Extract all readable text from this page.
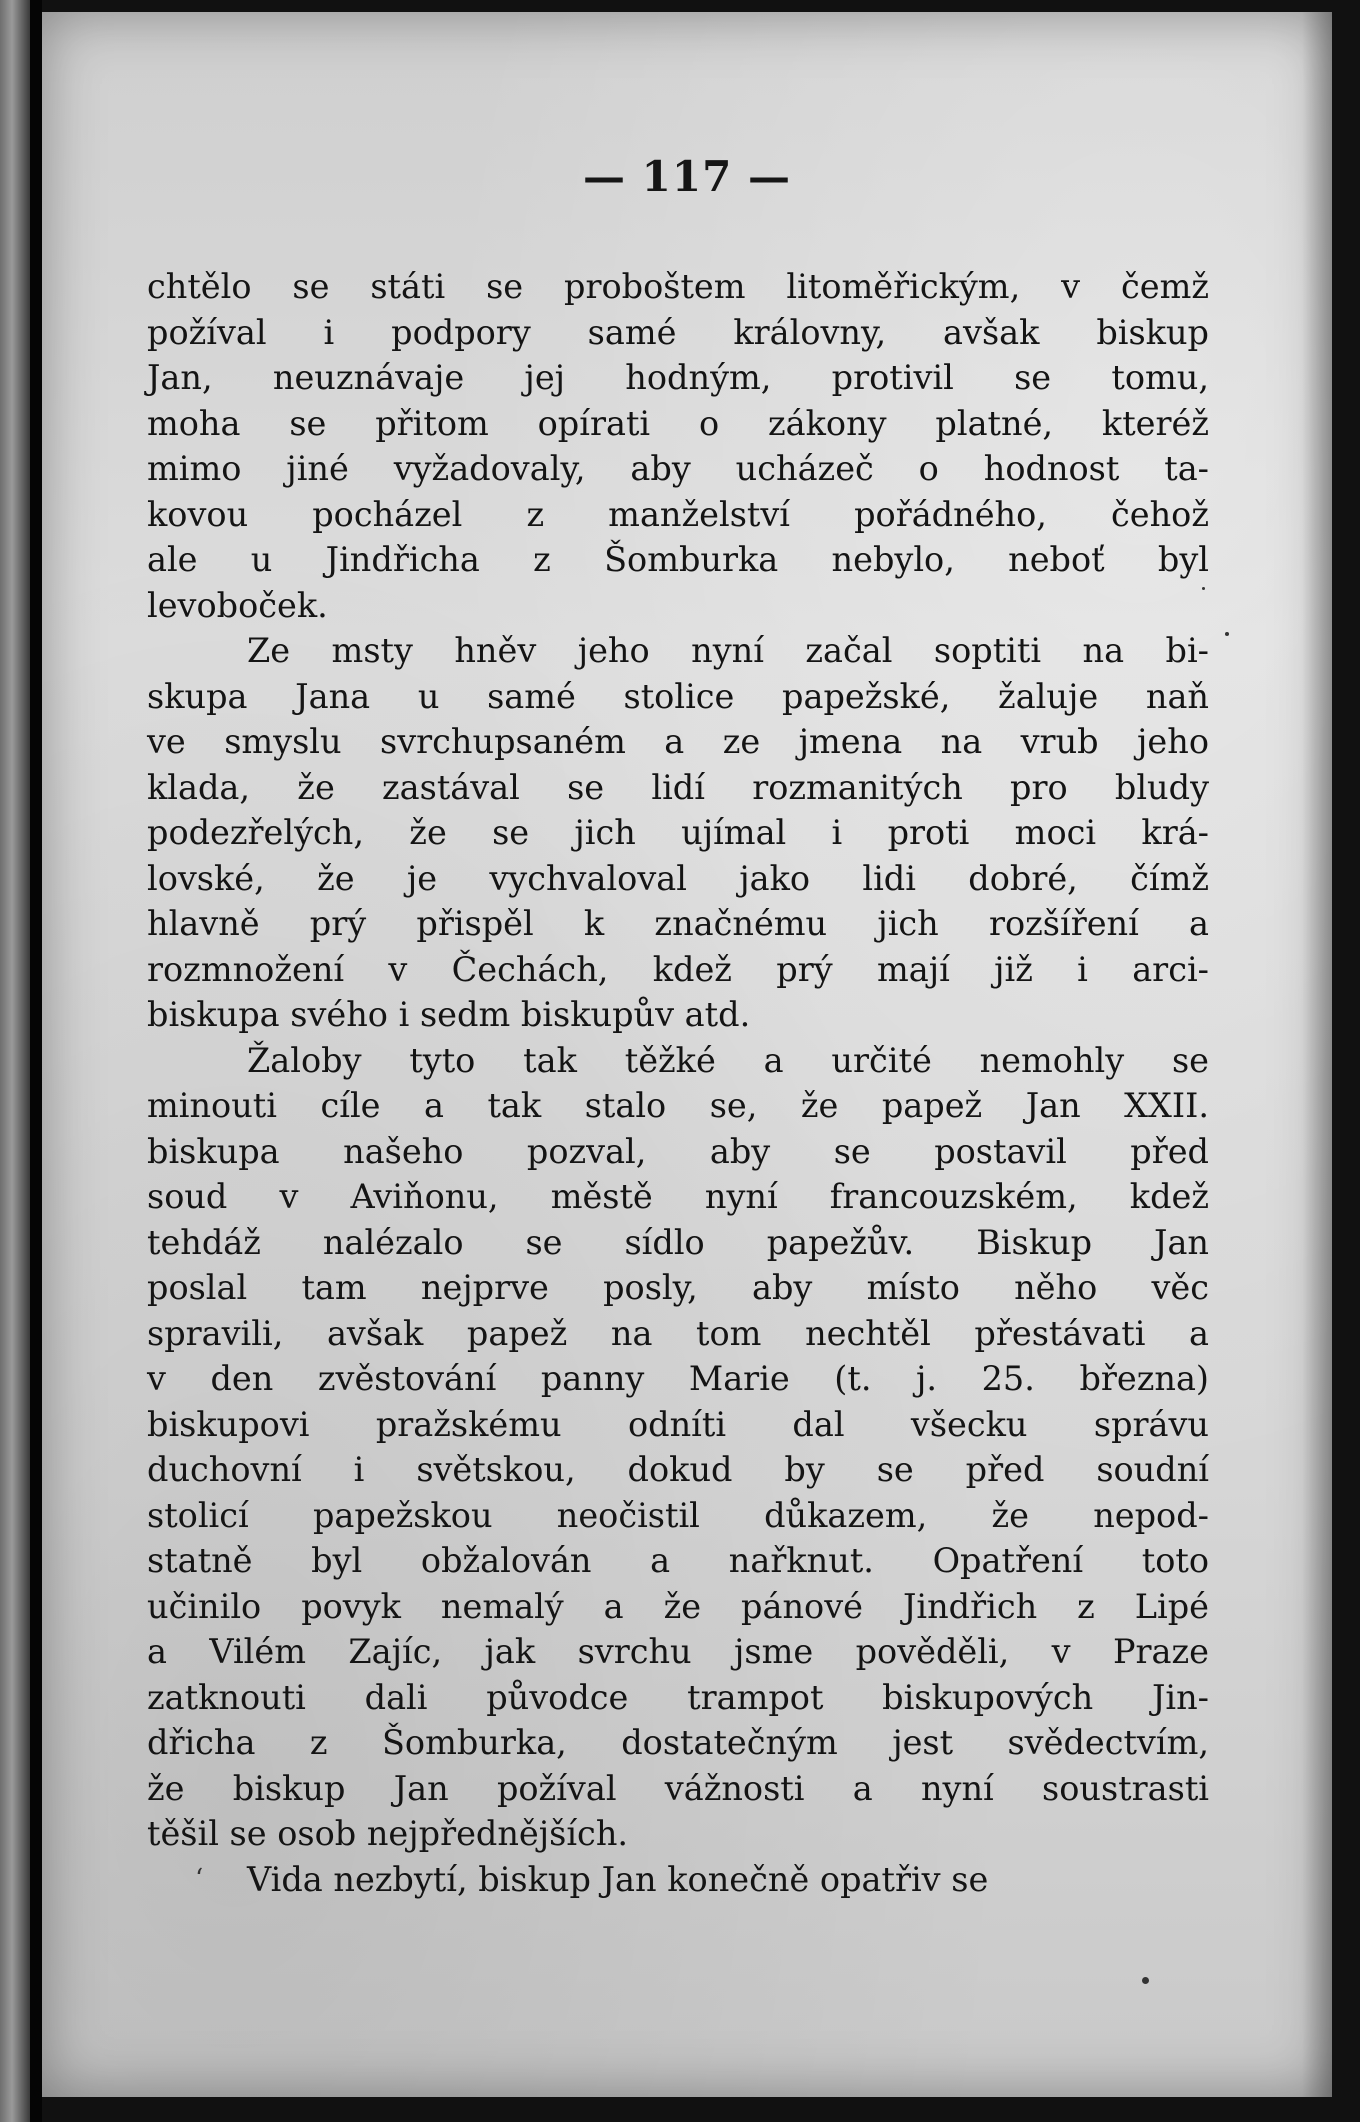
— 117 —
chtělo se státi se proboštem litoměřickým, v čemž
požíval i podpory samé královny, avšak biskup
Jan, neuznávaje jej hodným, protivil se tomu,
moha se přitom opírati o zákony platné, kteréž
mimo jiné vyžadovaly, aby ucházeč o hodnost ta-
kovou pocházel z manželství pořádného, čehož
ale u Jindřicha z Šomburka nebylo, neboť byl
levoboček.
Ze msty hněv jeho nyní začal soptiti na bi-
skupa Jana u samé stolice papežské, žaluje naň
ve smyslu svrchupsaném a ze jmena na vrub jeho
klada, že zastával se lidí rozmanitých pro bludy
podezřelých, že se jich ujímal i proti moci krá-
lovské, že je vychvaloval jako lidi dobré, čímž
hlavně prý přispěl k značnému jich rozšíření a
rozmnožení v Čechách, kdež prý mají již i arci-
biskupa svého i sedm biskupův atd.
Žaloby tyto tak těžké a určité nemohly se
minouti cíle a tak stalo se, že papež Jan XXII.
biskupa našeho pozval, aby se postavil před
soud v Aviňonu, městě nyní francouzském, kdež
tehdáž nalézalo se sídlo papežův. Biskup Jan
poslal tam nejprve posly, aby místo něho věc
spravili, avšak papež na tom nechtěl přestávati a
v den zvěstování panny Marie (t. j. 25. března)
biskupovi pražskému odníti dal všecku správu
duchovní i světskou, dokud by se před soudní
stolicí papežskou neočistil důkazem, že nepod-
statně byl obžalován a nařknut. Opatření toto
učinilo povyk nemalý a že pánové Jindřich z Lipé
a Vilém Zajíc, jak svrchu jsme pověděli, v Praze
zatknouti dali původce trampot biskupových Jin-
dřicha z Šomburka, dostatečným jest svědectvím,
že biskup Jan požíval vážnosti a nyní soustrasti
těšil se osob nejpřednějších.
‘ Vida nezbytí, biskup Jan konečně opatřiv se
